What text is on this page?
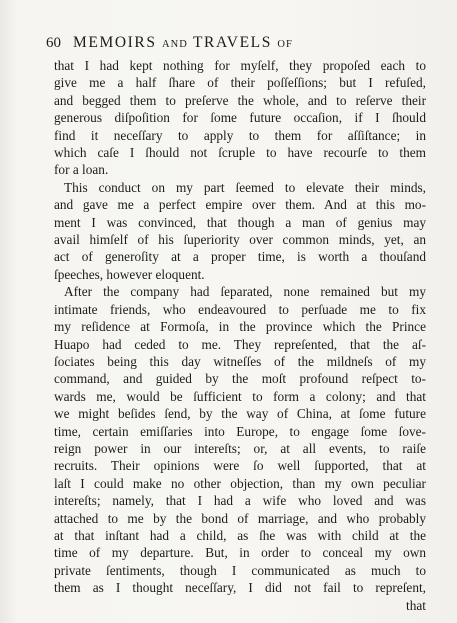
60 MEMOIRS AND TRAVELS OF
that I had kept nothing for myſelf, they propoſed each to
give me a half ſhare of their poſſeſſions; but I refuſed,
and begged them to preſerve the whole, and to reſerve their
generous diſpoſition for ſome future occaſion, if I ſhould
find it neceſſary to apply to them for aſſiſtance; in
which caſe I ſhould not ſcruple to have recourſe to them
for a loan.
This conduct on my part ſeemed to elevate their minds,
and gave me a perfect empire over them. And at this mo-
ment I was convinced, that though a man of genius may
avail himſelf of his ſuperiority over common minds, yet, an
act of generoſity at a proper time, is worth a thouſand
ſpeeches, however eloquent.
After the company had ſeparated, none remained but my
intimate friends, who endeavoured to perſuade me to fix
my reſidence at Formoſa, in the province which the Prince
Huapo had ceded to me. They repreſented, that the aſ-
ſociates being this day witneſſes of the mildneſs of my
command, and guided by the moſt profound reſpect to-
wards me, would be ſufficient to form a colony; and that
we might beſides ſend, by the way of China, at ſome future
time, certain emiſſaries into Europe, to engage ſome ſove-
reign power in our intereſts; or, at all events, to raiſe
recruits. Their opinions were ſo well ſupported, that at
laſt I could make no other objection, than my own peculiar
intereſts; namely, that I had a wife who loved and was
attached to me by the bond of marriage, and who probably
at that inſtant had a child, as ſhe was with child at the
time of my departure. But, in order to conceal my own
private ſentiments, though I communicated as much to
them as I thought neceſſary, I did not fail to repreſent,
that
